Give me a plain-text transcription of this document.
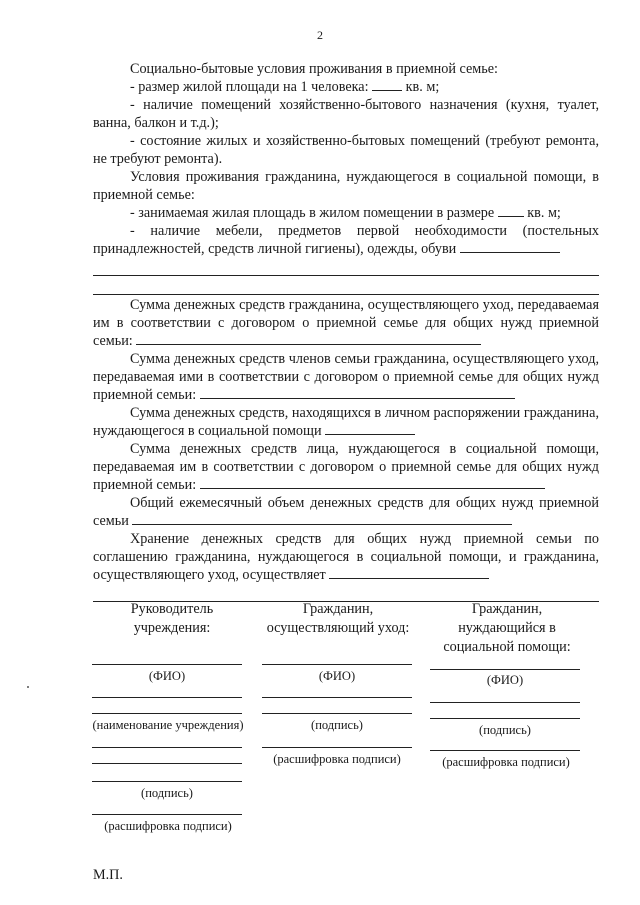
2

Социально-бытовые условия проживания в приемной семье:

- размер жилой площади на 1 человека:	кв. м;

- наличие помещений хозяйственно-бытового назначения (кухня, туалет, ванна, балкон и т.д.);

- состояние жилых и хозяйственно-бытовых помещений (требуют ремонта, не требуют ремонта).

Условия проживания гражданина, нуждающегося в социальной помощи, в приемной семье:

- занимаемая жилая площадь в жилом помещении в размере кв. м;

- наличие мебели, предметов первой необходимости (постельных принадлежностей, средств личной гигиены), одежды, обуви

Сумма денежных средств гражданина, осуществляющего уход, передаваемая им в соответствии с договором о приемной семье для общих нужд приемной семьи:

Сумма денежных средств членов семьи гражданина, осуществляющего уход, передаваемая ими в соответствии с договором о приемной семье для общих нужд приемной семьи:

Сумма денежных средств, находящихся в личном распоряжении гражданина, нуждающегося в социальной помощи

Сумма денежных средств лица, нуждающегося в социальной помощи, передаваемая им в соответствии с договором о приемной семье для общих нужд приемной семьи:

Общий ежемесячный объем денежных средств для общих нужд приемной семьи

Хранение денежных средств для общих нужд приемной семьи по соглашению гражданина, нуждающегося в социальной помощи, и гражданина, осуществляющего уход, осуществляет

Руководитель учреждения:
(ФИО)
(наименование учреждения)
(подпись)
(расшифровка подписи)
Гражданин, осуществляющий уход:
(ФИО)
(подпись)
(расшифровка подписи)
Гражданин, нуждающийся в социальной помощи:
(ФИО)
(подпись)
(расшифровка подписи)
М.П.
